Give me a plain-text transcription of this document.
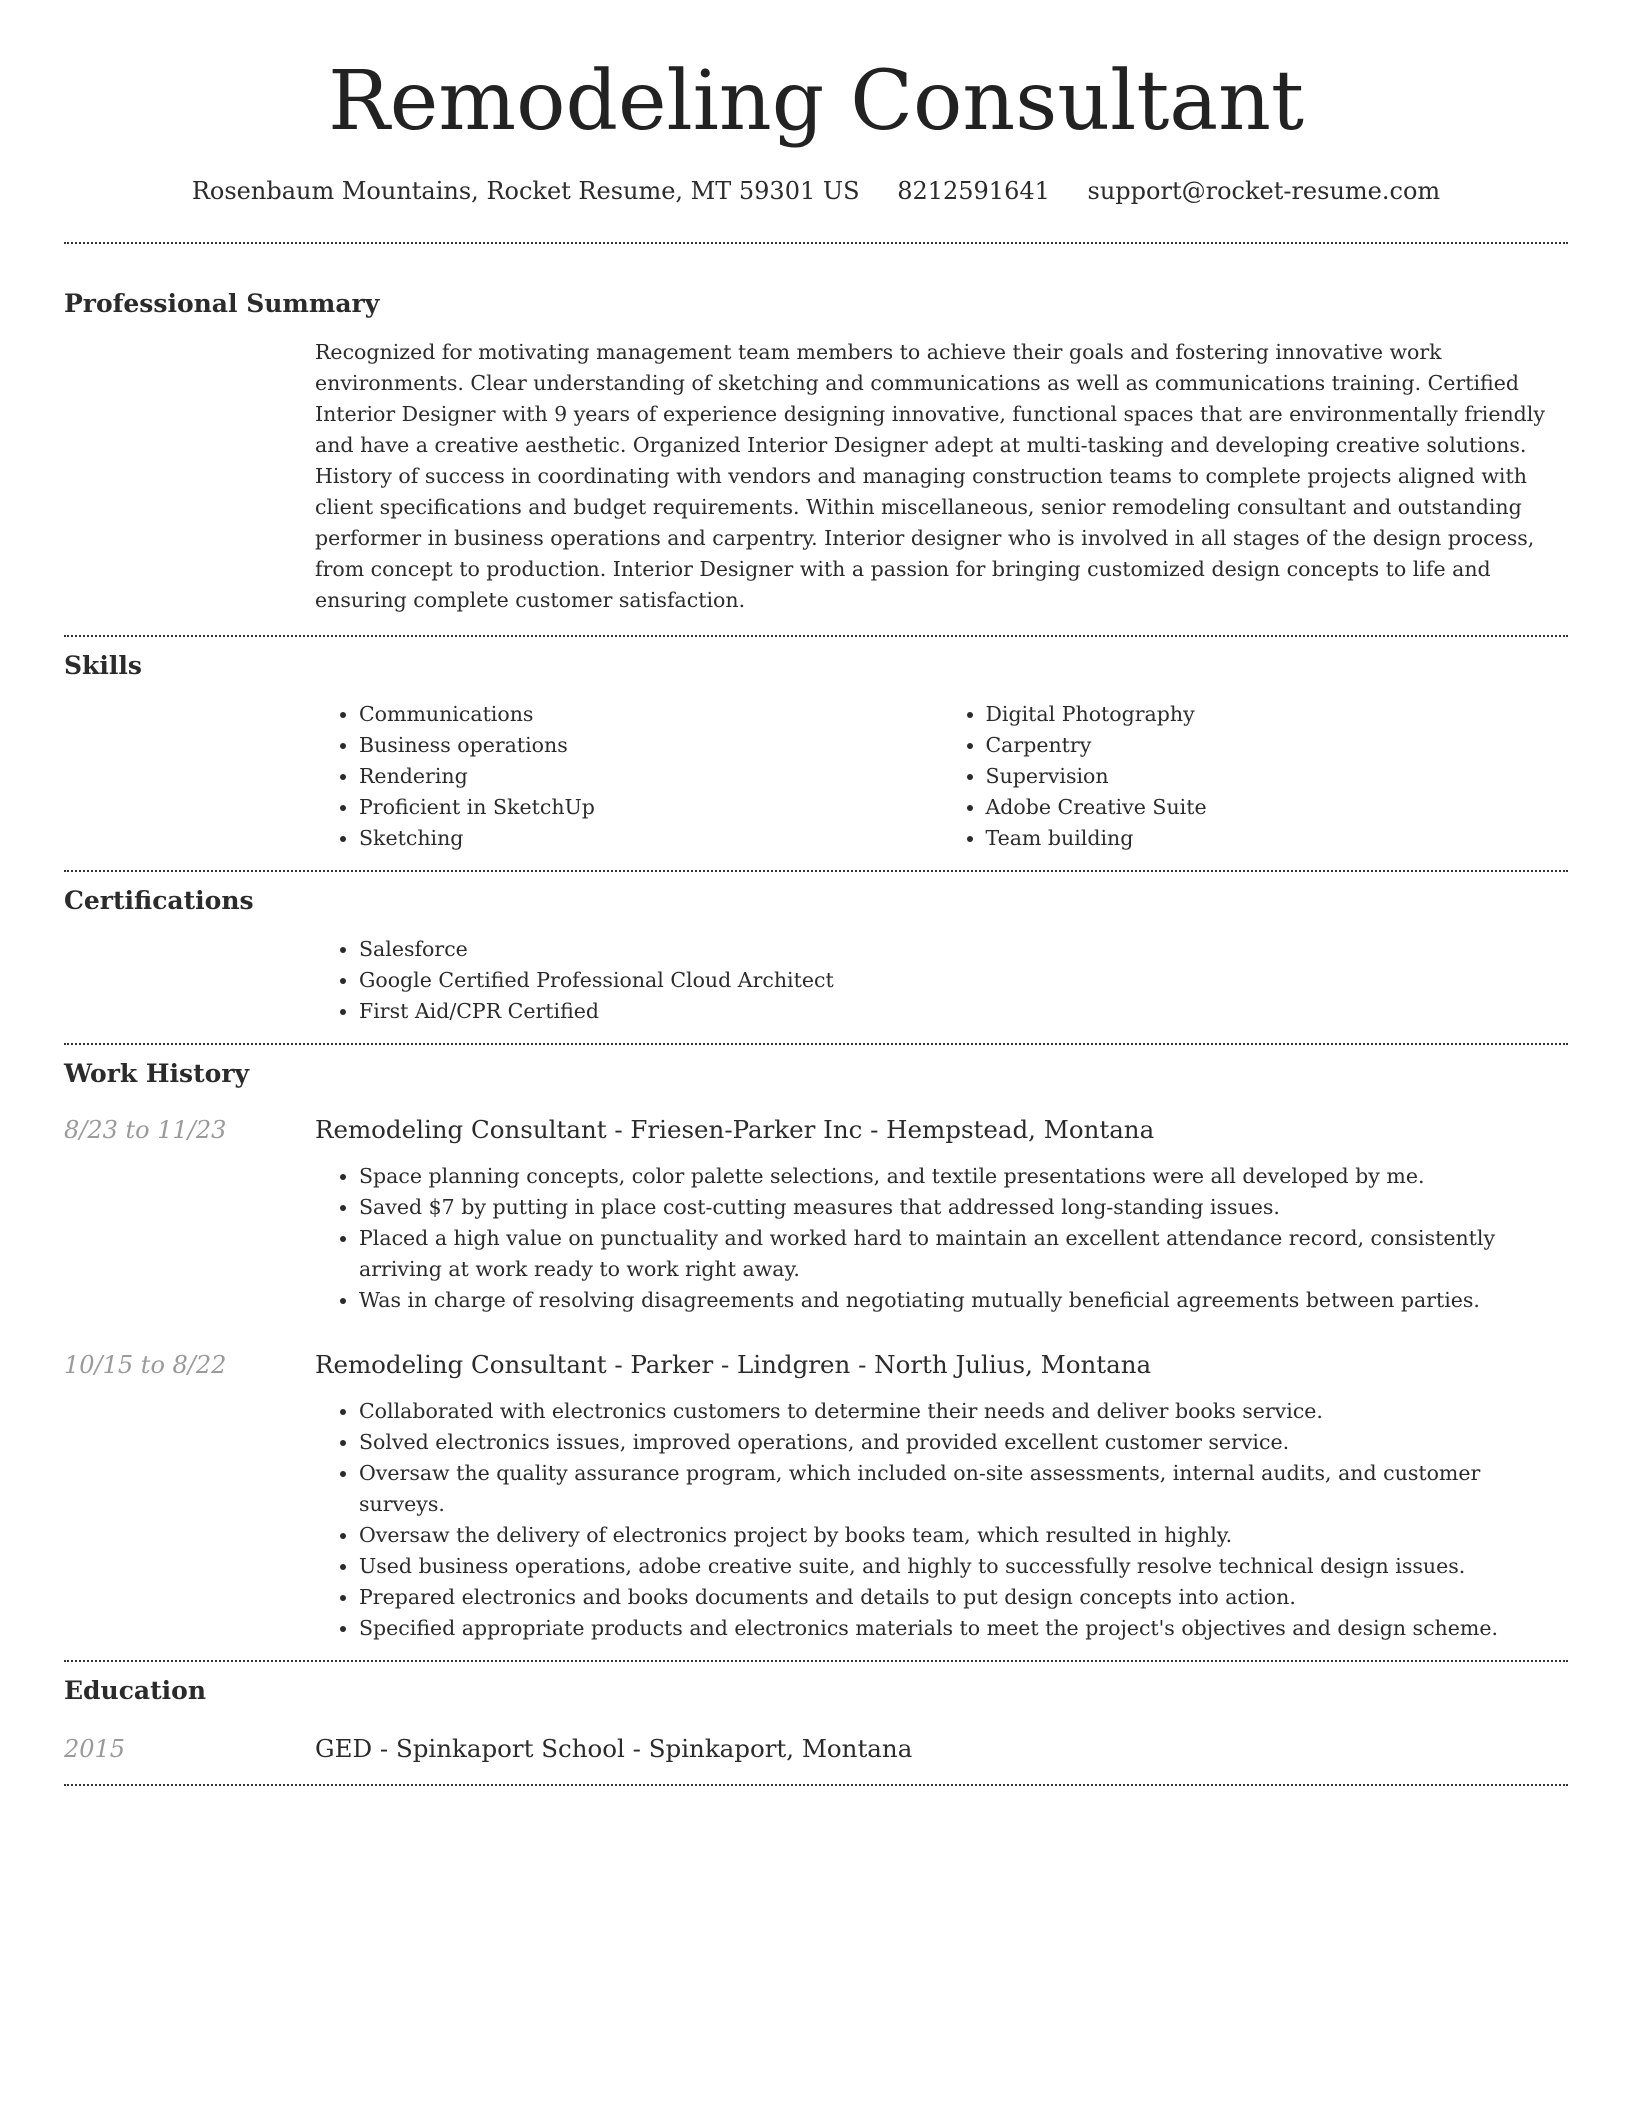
Remodeling Consultant
Rosenbaum Mountains, Rocket Resume, MT 59301 US 8212591641 support@rocket-resume.com
Professional Summary
Recognized for motivating management team members to achieve their goals and fostering innovative work environments. Clear understanding of sketching and communications as well as communications training. Certified Interior Designer with 9 years of experience designing innovative, functional spaces that are environmentally friendly and have a creative aesthetic. Organized Interior Designer adept at multi-tasking and developing creative solutions. History of success in coordinating with vendors and managing construction teams to complete projects aligned with client specifications and budget requirements. Within miscellaneous, senior remodeling consultant and outstanding performer in business operations and carpentry. Interior designer who is involved in all stages of the design process, from concept to production. Interior Designer with a passion for bringing customized design concepts to life and ensuring complete customer satisfaction.
Skills
• Communications
• Business operations
• Rendering
• Proficient in SketchUp
• Sketching
• Digital Photography
• Carpentry
• Supervision
• Adobe Creative Suite
• Team building
Certifications
• Salesforce
• Google Certified Professional Cloud Architect
• First Aid/CPR Certified
Work History
8/23 to 11/23	Remodeling Consultant - Friesen-Parker Inc - Hempstead, Montana
• Space planning concepts, color palette selections, and textile presentations were all developed by me.
• Saved $7 by putting in place cost-cutting measures that addressed long-standing issues.
• Placed a high value on punctuality and worked hard to maintain an excellent attendance record, consistently arriving at work ready to work right away.
• Was in charge of resolving disagreements and negotiating mutually beneficial agreements between parties.
10/15 to 8/22	Remodeling Consultant - Parker - Lindgren - North Julius, Montana
• Collaborated with electronics customers to determine their needs and deliver books service.
• Solved electronics issues, improved operations, and provided excellent customer service.
• Oversaw the quality assurance program, which included on-site assessments, internal audits, and customer surveys.
• Oversaw the delivery of electronics project by books team, which resulted in highly.
• Used business operations, adobe creative suite, and highly to successfully resolve technical design issues.
• Prepared electronics and books documents and details to put design concepts into action.
• Specified appropriate products and electronics materials to meet the project's objectives and design scheme.
Education
2015	GED - Spinkaport School - Spinkaport, Montana
